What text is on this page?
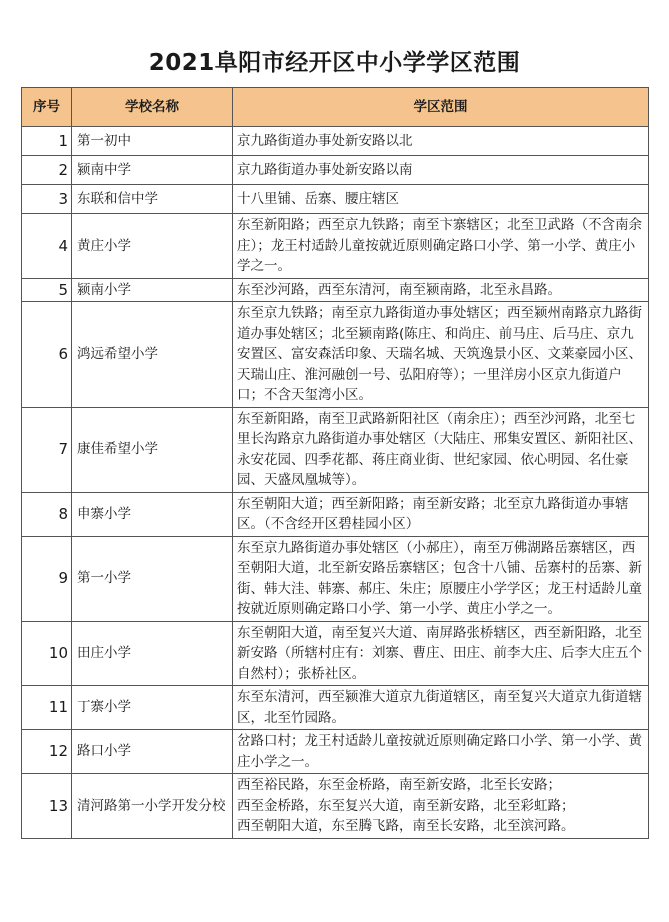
2021阜阳市经开区中小学学区范围
序号	学校名称	学区范围
1	第一初中	京九路街道办事处新安路以北
2	颍南中学	京九路街道办事处新安路以南
3	东联和信中学	十八里铺、岳寨、腰庄辖区
4	黄庄小学	东至新阳路；西至京九铁路；南至卞寨辖区；北至卫武路（不含南余庄）；龙王村适龄儿童按就近原则确定路口小学、第一小学、黄庄小学之一。
5	颍南小学	东至沙河路，西至东清河，南至颍南路，北至永昌路。
6	鸿远希望小学	东至京九铁路；南至京九路街道办事处辖区；西至颍州南路京九路街道办事处辖区；北至颍南路(陈庄、和尚庄、前马庄、后马庄、京九安置区、富安森活印象、天瑞名城、天筑逸景小区、文莱豪园小区、天瑞山庄、淮河融创一号、弘阳府等）；一里洋房小区京九街道户口；不含天玺湾小区。
7	康佳希望小学	东至新阳路，南至卫武路新阳社区（南余庄）；西至沙河路，北至七里长沟路京九路街道办事处辖区（大陆庄、邢集安置区、新阳社区、永安花园、四季花都、蒋庄商业街、世纪家园、依心明园、名仕豪园、天盛凤凰城等）。
8	申寨小学	东至朝阳大道；西至新阳路；南至新安路；北至京九路街道办事辖区。（不含经开区碧桂园小区）
9	第一小学	东至京九路街道办事处辖区（小郝庄），南至万佛湖路岳寨辖区，西至朝阳大道，北至新安路岳寨辖区；包含十八铺、岳寨村的岳寨、新街、韩大洼、韩寨、郝庄、朱庄；原腰庄小学学区；龙王村适龄儿童按就近原则确定路口小学、第一小学、黄庄小学之一。
10	田庄小学	东至朝阳大道，南至复兴大道、南屏路张桥辖区，西至新阳路，北至新安路（所辖村庄有：刘寨、曹庄、田庄、前李大庄、后李大庄五个自然村）；张桥社区。
11	丁寨小学	东至东清河，西至颍淮大道京九街道辖区，南至复兴大道京九街道辖区，北至竹园路。
12	路口小学	岔路口村；龙王村适龄儿童按就近原则确定路口小学、第一小学、黄庄小学之一。
13	清河路第一小学开发分校	西至裕民路，东至金桥路，南至新安路，北至长安路；
西至金桥路，东至复兴大道，南至新安路，北至彩虹路；
西至朝阳大道，东至腾飞路，南至长安路，北至滨河路。
